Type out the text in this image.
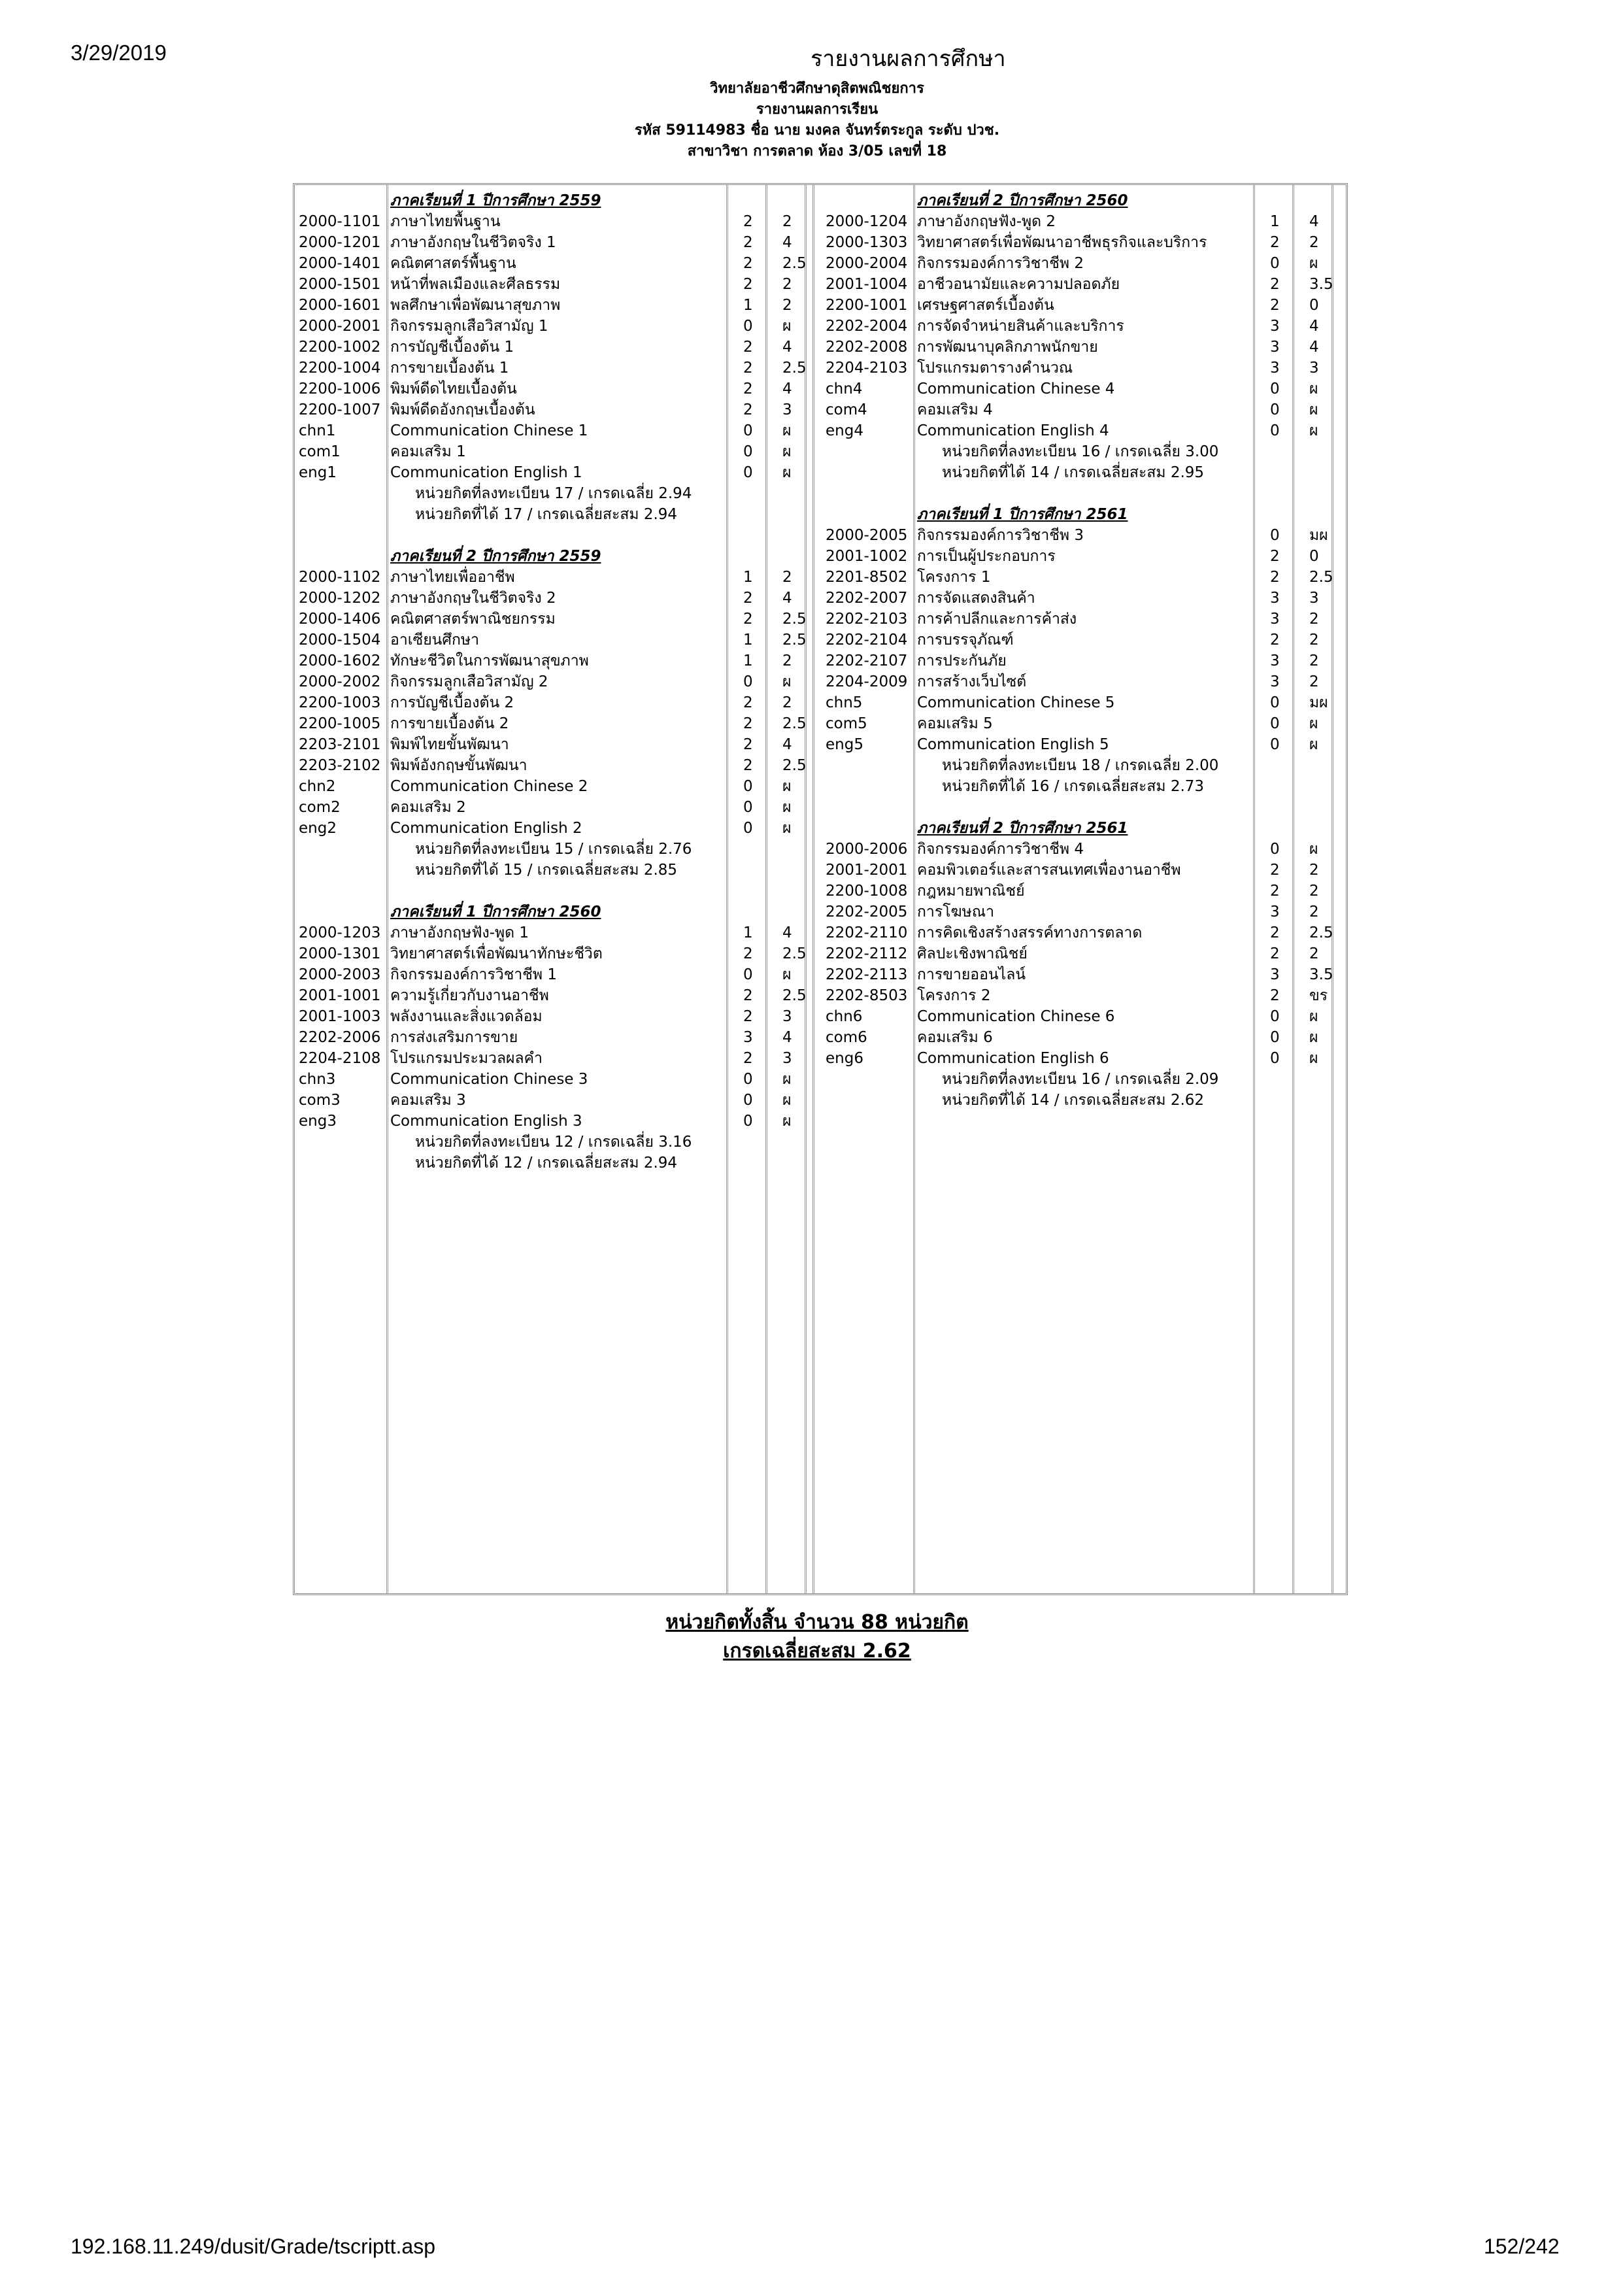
3/29/2019	รายงานผลการศึกษา
วิทยาลัยอาชีวศึกษาดุสิตพณิชยการ
รายงานผลการเรียน
รหัส 59114983 ชื่อ นาย มงคล จันทร์ตระกูล ระดับ ปวช.
สาขาวิชา การตลาด ห้อง 3/05 เลขที่ 18
ภาคเรียนที่ 1 ปีการศึกษา 2559
2000-1101 ภาษาไทยพื้นฐาน	2 2
2000-1201 ภาษาอังกฤษในชีวิตจริง 1	2 4
2000-1401 คณิตศาสตร์พื้นฐาน	2 2.5
2000-1501 หน้าที่พลเมืองและศีลธรรม	2 2
2000-1601 พลศึกษาเพื่อพัฒนาสุขภาพ	1 2
2000-2001 กิจกรรมลูกเสือวิสามัญ 1	0 ผ
2200-1002 การบัญชีเบื้องต้น 1	2 4
2200-1004 การขายเบื้องต้น 1	2 2.5
2200-1006 พิมพ์ดีดไทยเบื้องต้น	2 4
2200-1007 พิมพ์ดีดอังกฤษเบื้องต้น	2 3
chn1	Communication Chinese 1	0 ผ
com1	คอมเสริม 1	0 ผ
eng1	Communication English 1	0 ผ
หน่วยกิตที่ลงทะเบียน 17 / เกรดเฉลี่ย 2.94
หน่วยกิตที่ได้ 17 / เกรดเฉลี่ยสะสม 2.94
ภาคเรียนที่ 2 ปีการศึกษา 2559
2000-1102 ภาษาไทยเพื่ออาชีพ	1 2
2000-1202 ภาษาอังกฤษในชีวิตจริง 2	2 4
2000-1406 คณิตศาสตร์พาณิชยกรรม	2 2.5
2000-1504 อาเซียนศึกษา	1 2.5
2000-1602 ทักษะชีวิตในการพัฒนาสุขภาพ	1 2
2000-2002 กิจกรรมลูกเสือวิสามัญ 2	0 ผ
2200-1003 การบัญชีเบื้องต้น 2	2 2
2200-1005 การขายเบื้องต้น 2	2 2.5
2203-2101 พิมพ์ไทยขั้นพัฒนา	2 4
2203-2102 พิมพ์อังกฤษขั้นพัฒนา	2 2.5
chn2	Communication Chinese 2	0 ผ
com2	คอมเสริม 2	0 ผ
eng2	Communication English 2	0 ผ
หน่วยกิตที่ลงทะเบียน 15 / เกรดเฉลี่ย 2.76
หน่วยกิตที่ได้ 15 / เกรดเฉลี่ยสะสม 2.85
ภาคเรียนที่ 1 ปีการศึกษา 2560
2000-1203 ภาษาอังกฤษฟัง-พูด 1	1 4
2000-1301 วิทยาศาสตร์เพื่อพัฒนาทักษะชีวิต	2 2.5
2000-2003 กิจกรรมองค์การวิชาชีพ 1	0 ผ
2001-1001 ความรู้เกี่ยวกับงานอาชีพ	2 2.5
2001-1003 พลังงานและสิ่งแวดล้อม	2 3
2202-2006 การส่งเสริมการขาย	3 4
2204-2108 โปรแกรมประมวลผลคำ	2 3
chn3	Communication Chinese 3	0 ผ
com3	คอมเสริม 3	0 ผ
eng3	Communication English 3	0 ผ
หน่วยกิตที่ลงทะเบียน 12 / เกรดเฉลี่ย 3.16
หน่วยกิตที่ได้ 12 / เกรดเฉลี่ยสะสม 2.94
ภาคเรียนที่ 2 ปีการศึกษา 2560
2000-1204 ภาษาอังกฤษฟัง-พูด 2	1 4
2000-1303 วิทยาศาสตร์เพื่อพัฒนาอาชีพธุรกิจและบริการ	2 2
2000-2004 กิจกรรมองค์การวิชาชีพ 2	0 ผ
2001-1004 อาชีวอนามัยและความปลอดภัย	2 3.5
2200-1001 เศรษฐศาสตร์เบื้องต้น	2 0
2202-2004 การจัดจำหน่ายสินค้าและบริการ	3 4
2202-2008 การพัฒนาบุคลิกภาพนักขาย	3 4
2204-2103 โปรแกรมตารางคำนวณ	3 3
chn4	Communication Chinese 4	0 ผ
com4	คอมเสริม 4	0 ผ
eng4	Communication English 4	0 ผ
หน่วยกิตที่ลงทะเบียน 16 / เกรดเฉลี่ย 3.00
หน่วยกิตที่ได้ 14 / เกรดเฉลี่ยสะสม 2.95
ภาคเรียนที่ 1 ปีการศึกษา 2561
2000-2005 กิจกรรมองค์การวิชาชีพ 3	0 มผ
2001-1002 การเป็นผู้ประกอบการ	2 0
2201-8502 โครงการ 1	2 2.5
2202-2007 การจัดแสดงสินค้า	3 3
2202-2103 การค้าปลีกและการค้าส่ง	3 2
2202-2104 การบรรจุภัณฑ์	2 2
2202-2107 การประกันภัย	3 2
2204-2009 การสร้างเว็บไซต์	3 2
chn5	Communication Chinese 5	0 มผ
com5	คอมเสริม 5	0 ผ
eng5	Communication English 5	0 ผ
หน่วยกิตที่ลงทะเบียน 18 / เกรดเฉลี่ย 2.00
หน่วยกิตที่ได้ 16 / เกรดเฉลี่ยสะสม 2.73
ภาคเรียนที่ 2 ปีการศึกษา 2561
2000-2006 กิจกรรมองค์การวิชาชีพ 4	0 ผ
2001-2001 คอมพิวเตอร์และสารสนเทศเพื่องานอาชีพ	2 2
2200-1008 กฎหมายพาณิชย์	2 2
2202-2005 การโฆษณา	3 2
2202-2110 การคิดเชิงสร้างสรรค์ทางการตลาด	2 2.5
2202-2112 ศิลปะเชิงพาณิชย์	2 2
2202-2113 การขายออนไลน์	3 3.5
2202-8503 โครงการ 2	2 ขร
chn6	Communication Chinese 6	0 ผ
com6	คอมเสริม 6	0 ผ
eng6	Communication English 6	0 ผ
หน่วยกิตที่ลงทะเบียน 16 / เกรดเฉลี่ย 2.09
หน่วยกิตที่ได้ 14 / เกรดเฉลี่ยสะสม 2.62
หน่วยกิตทั้งสิ้น จำนวน 88 หน่วยกิต
เกรดเฉลี่ยสะสม 2.62
192.168.11.249/dusit/Grade/tscriptt.asp	152/242
